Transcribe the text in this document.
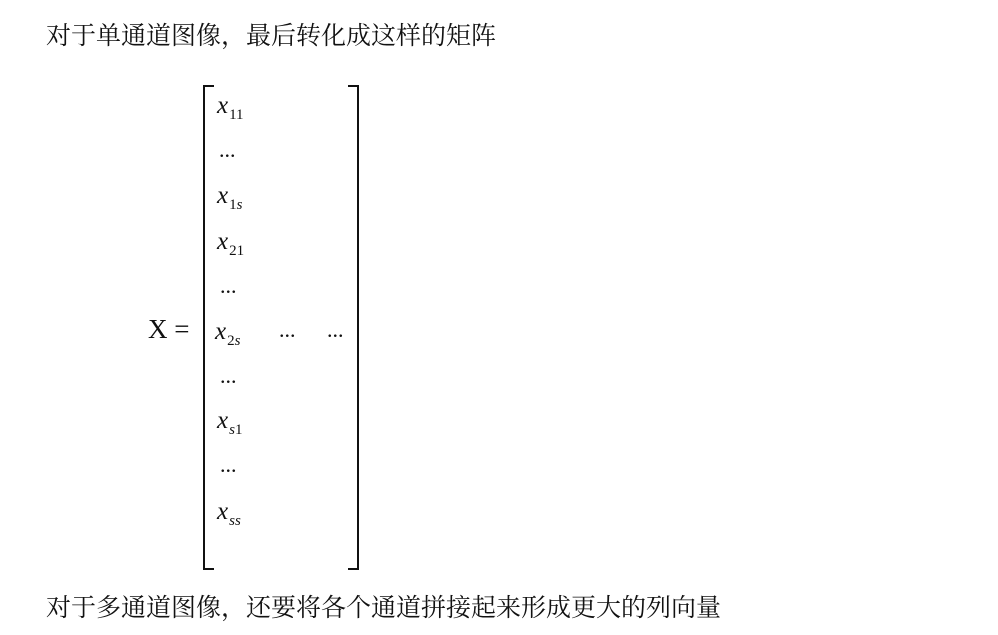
对于单通道图像，最后转化成这样的矩阵
X =
x11
...
x1s
x21
...
x2s
...
xs1
...
xss
... ...
对于多通道图像，还要将各个通道拼接起来形成更大的列向量
